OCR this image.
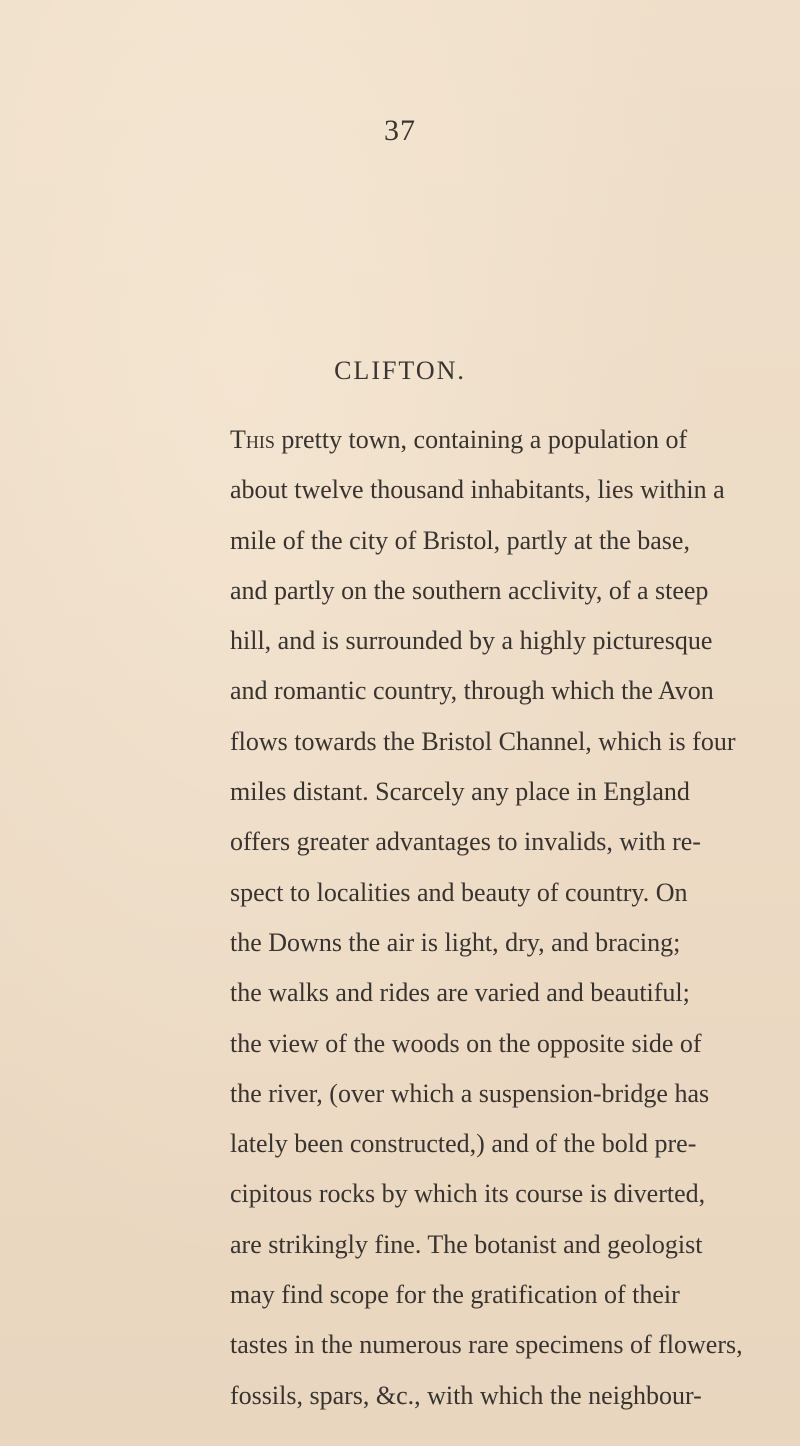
37
CLIFTON.
This pretty town, containing a population of
about twelve thousand inhabitants, lies within a
mile of the city of Bristol, partly at the base,
and partly on the southern acclivity, of a steep
hill, and is surrounded by a highly picturesque
and romantic country, through which the Avon
flows towards the Bristol Channel, which is four
miles distant. Scarcely any place in England
offers greater advantages to invalids, with re-
spect to localities and beauty of country. On
the Downs the air is light, dry, and bracing;
the walks and rides are varied and beautiful;
the view of the woods on the opposite side of
the river, (over which a suspension-bridge has
lately been constructed,) and of the bold pre-
cipitous rocks by which its course is diverted,
are strikingly fine. The botanist and geologist
may find scope for the gratification of their
tastes in the numerous rare specimens of flowers,
fossils, spars, &c., with which the neighbour-
